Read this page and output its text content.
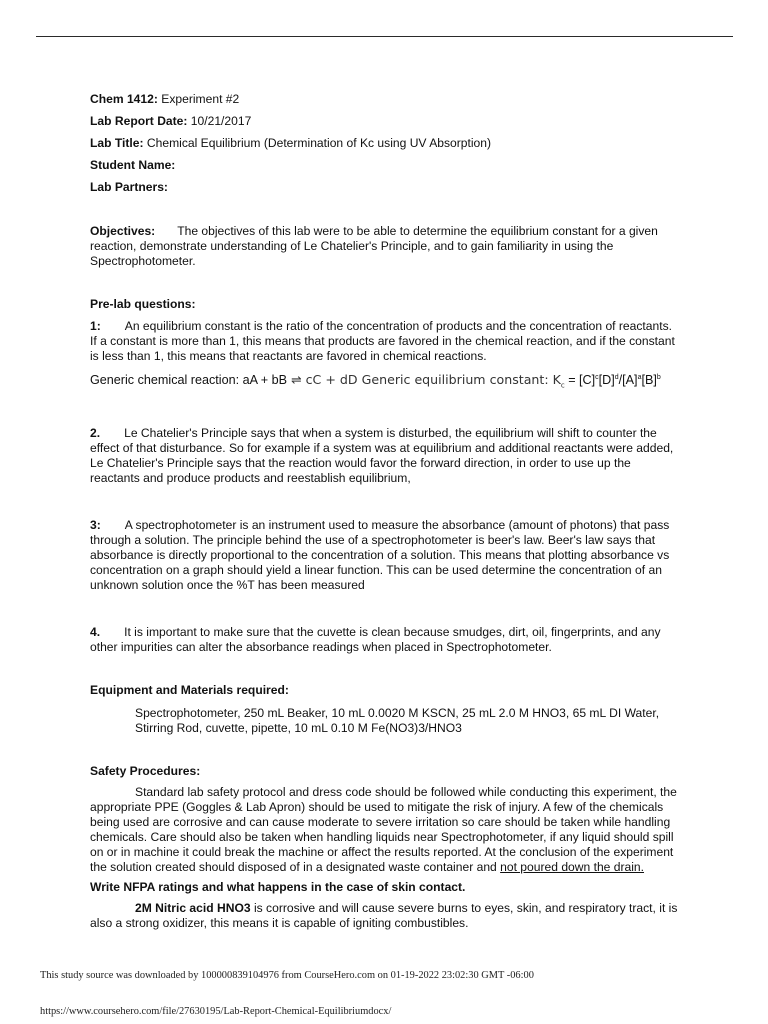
Chem 1412: Experiment #2

Lab Report Date: 10/21/2017

Lab Title: Chemical Equilibrium (Determination of Kc using UV Absorption)

Student Name:

Lab Partners:

Objectives: The objectives of this lab were to be able to determine the equilibrium constant for a given reaction, demonstrate understanding of Le Chatelier's Principle, and to gain familiarity in using the Spectrophotometer.

Pre-lab questions:

1: An equilibrium constant is the ratio of the concentration of products and the concentration of reactants. If a constant is more than 1, this means that products are favored in the chemical reaction, and if the constant is less than 1, this means that reactants are favored in chemical reactions.

Generic chemical reaction: aA + bB ⇌ cC + dD Generic equilibrium constant: $K_c = [C]^c[D]^d/[A]^a[B]^b$

2. Le Chatelier's Principle says that when a system is disturbed, the equilibrium will shift to counter the effect of that disturbance. So for example if a system was at equilibrium and additional reactants were added, Le Chatelier's Principle says that the reaction would favor the forward direction, in order to use up the reactants and produce products and reestablish equilibrium,

3: A spectrophotometer is an instrument used to measure the absorbance (amount of photons) that pass through a solution. The principle behind the use of a spectrophotometer is beer's law. Beer's law says that absorbance is directly proportional to the concentration of a solution. This means that plotting absorbance vs concentration on a graph should yield a linear function. This can be used determine the concentration of an unknown solution once the %T has been measured

4. It is important to make sure that the cuvette is clean because smudges, dirt, oil, fingerprints, and any other impurities can alter the absorbance readings when placed in Spectrophotometer.

Equipment and Materials required:

Spectrophotometer, 250 mL Beaker, 10 mL 0.0020 M KSCN, 25 mL 2.0 M HNO3, 65 mL DI Water, Stirring Rod, cuvette, pipette, 10 mL 0.10 M Fe(NO3)3/HNO3

Safety Procedures:

Standard lab safety protocol and dress code should be followed while conducting this experiment, the appropriate PPE (Goggles & Lab Apron) should be used to mitigate the risk of injury. A few of the chemicals being used are corrosive and can cause moderate to severe irritation so care should be taken while handling chemicals. Care should also be taken when handling liquids near Spectrophotometer, if any liquid should spill on or in machine it could break the machine or affect the results reported. At the conclusion of the experiment the solution created should disposed of in a designated waste container and not poured down the drain.

Write NFPA ratings and what happens in the case of skin contact.

2M Nitric acid HNO3 is corrosive and will cause severe burns to eyes, skin, and respiratory tract, it is also a strong oxidizer, this means it is capable of igniting combustibles.

This study source was downloaded by 100000839104976 from CourseHero.com on 01-19-2022 23:02:30 GMT -06:00
https://www.coursehero.com/file/27630195/Lab-Report-Chemical-Equilibriumdocx/
